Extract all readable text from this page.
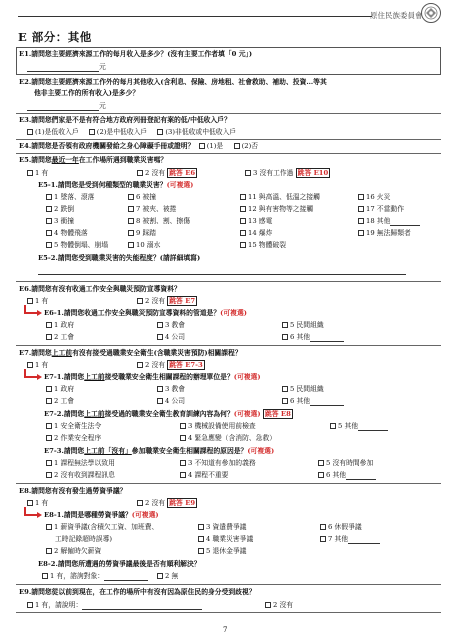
原住民族委員會
E 部分：其他
E1.請問您主要經濟來源工作的每月收入是多少？(沒有主要工作者填「0 元」)
元
E2.請問您主要經濟來源工作外的每月其他收入(含利息、保險、房地租、社會救助、補助、投資…等其
他非主要工作的所有收入)是多少？
元
E3.請問您們家是不是有符合地方政府列冊登記有案的低/中低收入戶？
(1)是低收入戶	(2)是中低收入戶	(3)非低收或中低收入戶
E4.請問您是否領有政府機關發給之身心障礙手冊或證明？ (1)是	(2)否
E5.請問您最近一年在工作場所遇到職業災害嗎？
1 有	2 沒有 跳答 E6	3 沒有工作過 跳答 E10
E5-1.請問您是受到何種類型的職業災害？(可複選)
1 墜落、滾落	6 被撞	11 與高溫、低溫之接觸	16 火災
2 跌倒	7 被夾、被捲	12 與有害物等之接觸	17 不當動作
3 衝撞	8 被割、割、擦傷	13 感電	18 其他
4 物體飛落	9 踩踏	14 爆炸	19 無法歸類者
5 物體倒塌、崩塌	10 溺水	15 物體破裂
E5-2.請問您受到職業災害的失能程度？(請詳細填寫)
E6.請問您有沒有收過工作安全與職災預防宣導資料？
1 有	2 沒有 跳答 E7
E6-1.請問您收過工作安全與職災預防宣導資料的管道是？(可複選)
1 政府	3 教會	5 民間組織
2 工會	4 公司	6 其他
E7.請問您上工前有沒有接受過職業安全衛生(含職業災害預防)相關課程？
1 有	2 沒有 跳答 E7-3
E7-1.請問您上工前接受職業安全衛生相關課程的辦理單位是？(可複選)
1 政府	3 教會	5 民間組織
2 工會	4 公司	6 其他
E7-2.請問您上工前接受過的職業安全衛生教育訓練內容為何？(可複選) 跳答 E8
1 安全衛生法令	3 機械設備使用前檢查	5 其他
2 作業安全程序	4 緊急應變（含消防、急救）
E7-3.請問您上工前「沒有」參加職業安全衛生相關課程的原因是？(可複選)
1 課程無法學以致用	3 不知道有參加的義務	5 沒有時間參加
2 沒有收到課程訊息	4 課程不重要	6 其他
E8.請問您有沒有發生過勞資爭議？
1 有	2 沒有 跳答 E9
E8-1.請問是哪種勞資爭議？(可複選)
1 薪資爭議(含積欠工資、加班費、	3 資遣費爭議	6 休假爭議
工時記錄超時誤導)	4 職業災害爭議	7 其他
2 解僱時欠薪資	5 退休金爭議
E8-2.請問您所遭遇的勞資爭議最後是否有順利解決？
1 有，諮詢對象：	2 無
E9.請問您從以前到現在，在工作的場所中有沒有因為原住民的身分受到歧視？
1 有，請說明：	2 沒有
7
